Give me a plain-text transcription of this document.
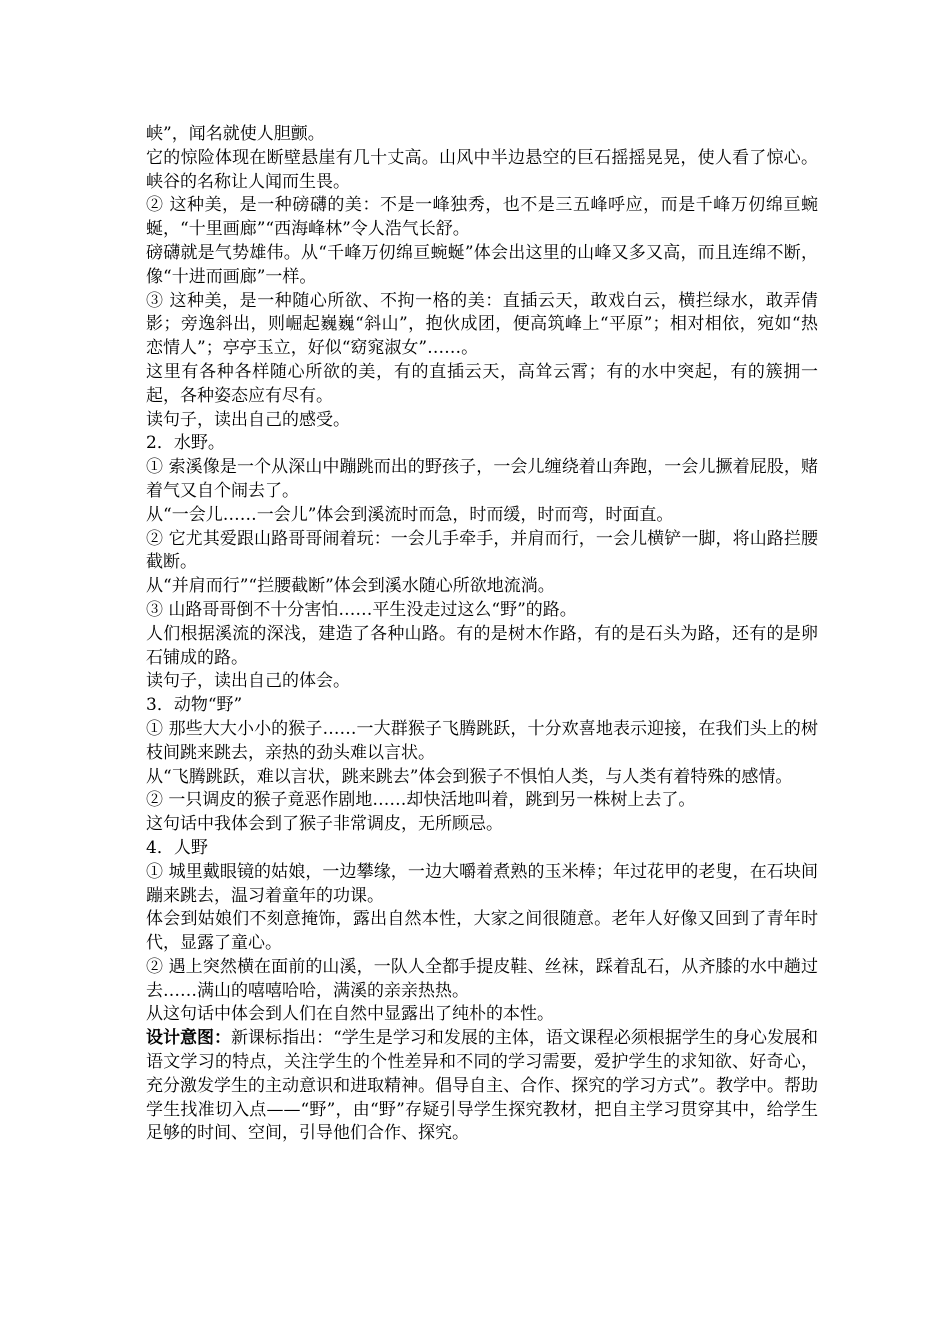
峡”，闻名就使人胆颤。

它的惊险体现在断壁悬崖有几十丈高。山风中半边悬空的巨石摇摇晃晃，使人看了惊心。峡谷的名称让人闻而生畏。

② 这种美，是一种磅礴的美：不是一峰独秀，也不是三五峰呼应，而是千峰万仞绵亘蜿蜒，“十里画廊”“西海峰林”令人浩气长舒。

磅礴就是气势雄伟。从“千峰万仞绵亘蜿蜒”体会出这里的山峰又多又高，而且连绵不断，像“十进而画廊”一样。

③ 这种美，是一种随心所欲、不拘一格的美：直插云天，敢戏白云，横拦绿水，敢弄倩影；旁逸斜出，则崛起巍巍“斜山”，抱伙成团，便高筑峰上“平原”；相对相依，宛如“热恋情人”；亭亭玉立，好似“窈窕淑女”……。

这里有各种各样随心所欲的美，有的直插云天，高耸云霄；有的水中突起，有的簇拥一起，各种姿态应有尽有。

读句子，读出自己的感受。

2．水野。

① 索溪像是一个从深山中蹦跳而出的野孩子，一会儿缠绕着山奔跑，一会儿撅着屁股，赌着气又自个闹去了。

从“一会儿……一会儿”体会到溪流时而急，时而缓，时而弯，时面直。

② 它尤其爱跟山路哥哥闹着玩：一会儿手牵手，并肩而行，一会儿横铲一脚，将山路拦腰截断。

从“并肩而行”“拦腰截断”体会到溪水随心所欲地流淌。

③ 山路哥哥倒不十分害怕……平生没走过这么“野”的路。

人们根据溪流的深浅，建造了各种山路。有的是树木作路，有的是石头为路，还有的是卵石铺成的路。

读句子，读出自己的体会。

3．动物“野”

① 那些大大小小的猴子……一大群猴子飞腾跳跃，十分欢喜地表示迎接，在我们头上的树枝间跳来跳去，亲热的劲头难以言状。

从“飞腾跳跃，难以言状，跳来跳去”体会到猴子不惧怕人类，与人类有着特殊的感情。

② 一只调皮的猴子竟恶作剧地……却快活地叫着，跳到另一株树上去了。

这句话中我体会到了猴子非常调皮，无所顾忌。

4．人野

① 城里戴眼镜的姑娘，一边攀缘，一边大嚼着煮熟的玉米棒；年过花甲的老叟，在石块间蹦来跳去，温习着童年的功课。

体会到姑娘们不刻意掩饰，露出自然本性，大家之间很随意。老年人好像又回到了青年时代，显露了童心。

② 遇上突然横在面前的山溪，一队人全都手提皮鞋、丝袜，踩着乱石，从齐膝的水中趟过去……满山的嘻嘻哈哈，满溪的亲亲热热。

从这句话中体会到人们在自然中显露出了纯朴的本性。

设计意图：新课标指出：“学生是学习和发展的主体，语文课程必须根据学生的身心发展和语文学习的特点，关注学生的个性差异和不同的学习需要，爱护学生的求知欲、好奇心，充分激发学生的主动意识和进取精神。倡导自主、合作、探究的学习方式”。教学中。帮助学生找准切入点——“野”，由“野”存疑引导学生探究教材，把自主学习贯穿其中，给学生足够的时间、空间，引导他们合作、探究。
